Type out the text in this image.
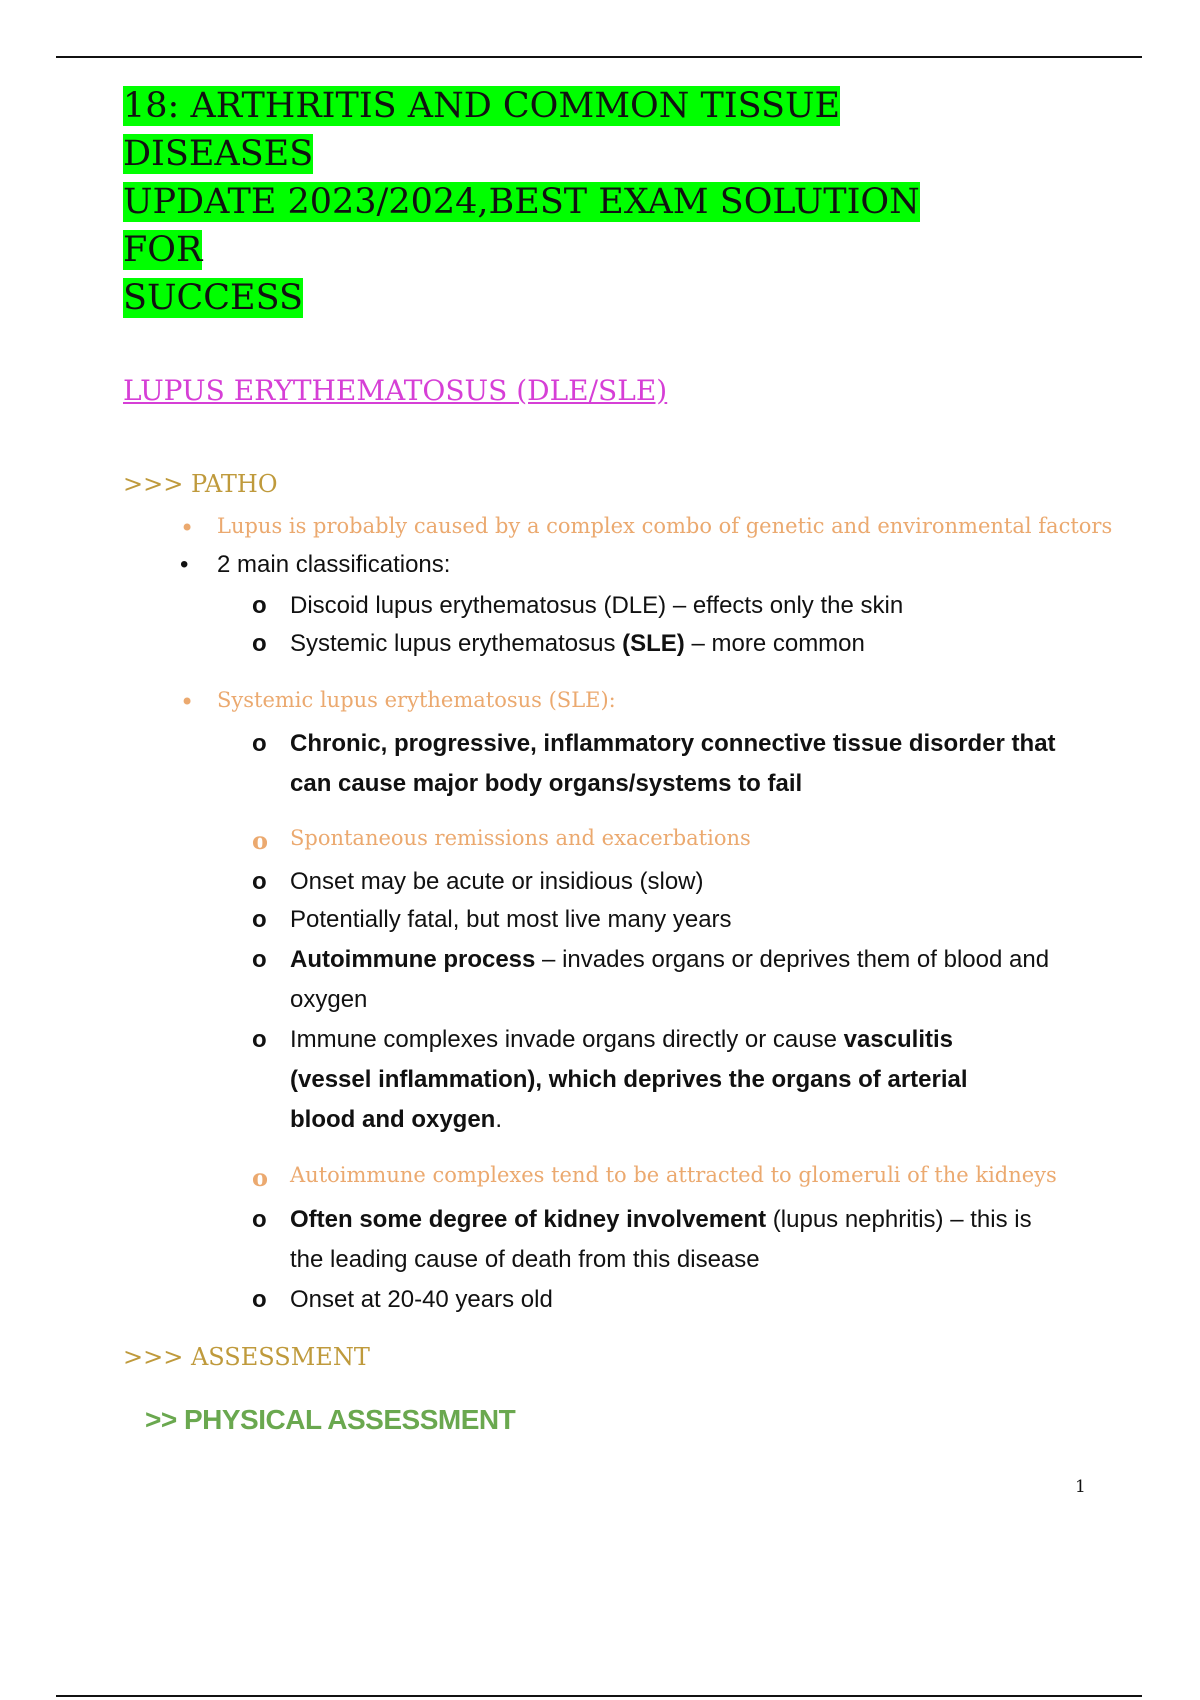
18: ARTHRITIS AND COMMON TISSUE DISEASES
UPDATE 2023/2024,BEST EXAM SOLUTION FOR
SUCCESS
LUPUS ERYTHEMATOSUS (DLE/SLE)
>>> PATHO
• Lupus is probably caused by a complex combo of genetic and environmental factors
• 2 main classifications:
o Discoid lupus erythematosus (DLE) – effects only the skin
o Systemic lupus erythematosus (SLE) – more common
• Systemic lupus erythematosus (SLE):
o Chronic, progressive, inflammatory connective tissue disorder that
can cause major body organs/systems to fail
o Spontaneous remissions and exacerbations
o Onset may be acute or insidious (slow)
o Potentially fatal, but most live many years
o Autoimmune process – invades organs or deprives them of blood and
oxygen
o Immune complexes invade organs directly or cause vasculitis
(vessel inflammation), which deprives the organs of arterial
blood and oxygen.
o Autoimmune complexes tend to be attracted to glomeruli of the kidneys
o Often some degree of kidney involvement (lupus nephritis) – this is
the leading cause of death from this disease
o Onset at 20-40 years old
>>> ASSESSMENT
>> PHYSICAL ASSESSMENT
1
